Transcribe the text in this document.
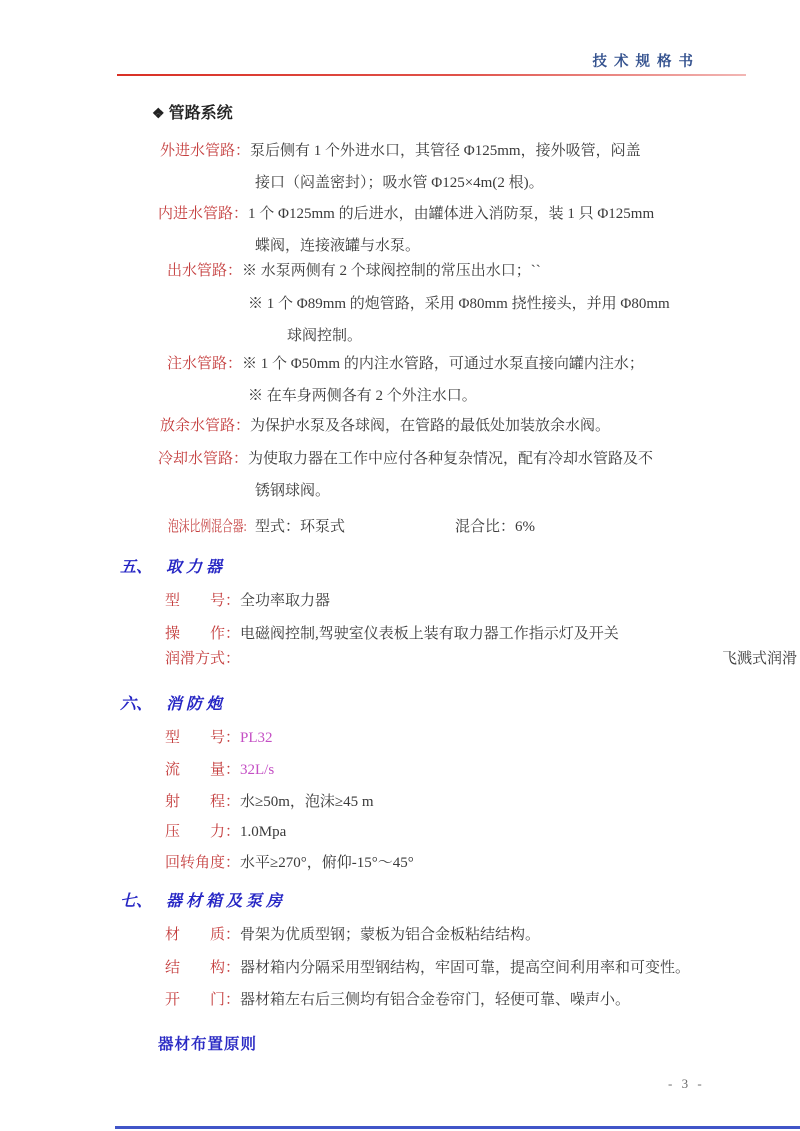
技术规格书
❖ 管路系统
外进水管路：泵后侧有 1 个外进水口，其管径 Φ125mm，接外吸管，闷盖
接口（闷盖密封）；吸水管 Φ125×4m(2 根)。
内进水管路：1 个 Φ125mm 的后进水，由罐体进入消防泵，装 1 只 Φ125mm
蝶阀，连接液罐与水泵。
出水管路：※ 水泵两侧有 2 个球阀控制的常压出水口；``
※ 1 个 Φ89mm 的炮管路，采用 Φ80mm 挠性接头，并用 Φ80mm
球阀控制。
注水管路：※ 1 个 Φ50mm 的内注水管路，可通过水泵直接向罐内注水；
※ 在车身两侧各有 2 个外注水口。
放余水管路：为保护水泵及各球阀，在管路的最低处加装放余水阀。
冷却水管路：为使取力器在工作中应付各种复杂情况，配有冷却水管路及不
锈钢球阀。
泡沫比例混合器: 型式：环泵式	混合比：6%
五、 取力器
型　　号：全功率取力器
操　　作：电磁阀控制,驾驶室仪表板上装有取力器工作指示灯及开关
润滑方式：	飞溅式润滑
六、 消防炮
型　　号：PL32
流　　量：32L/s
射　　程：水≥50m，泡沫≥45 m
压　　力：1.0Mpa
回转角度：水平≥270°，俯仰-15°～45°
七、 器材箱及泵房
材　　质：骨架为优质型钢；蒙板为铝合金板粘结结构。
结　　构：器材箱内分隔采用型钢结构，牢固可靠，提高空间利用率和可变性。
开　　门：器材箱左右后三侧均有铝合金卷帘门，轻便可靠、噪声小。
器材布置原则
- 3 -
